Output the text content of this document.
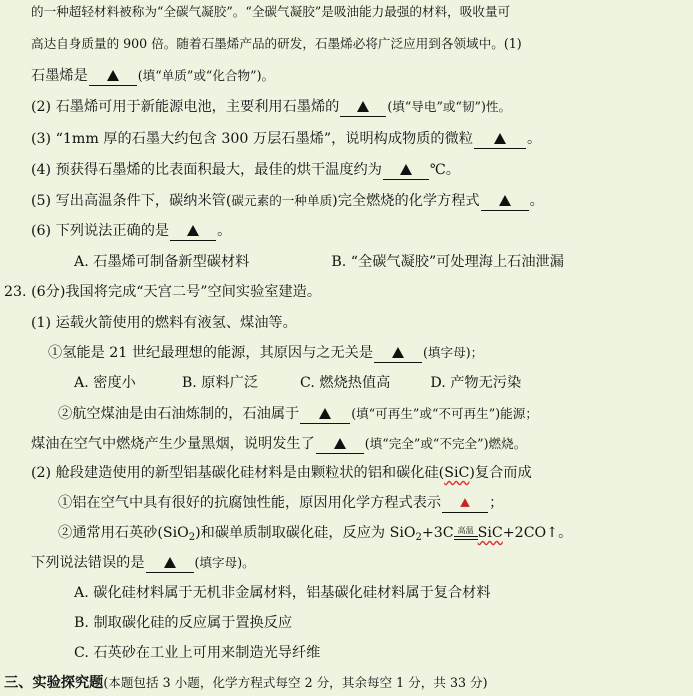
的一种超轻材料被称为“全碳气凝胶”。“全碳气凝胶”是吸油能力最强的材料，吸收量可
高达自身质量的 900 倍。随着石墨烯产品的研发，石墨烯必将广泛应用到各领域中。(1)
石墨烯是	(填“单质”或“化合物”)。
(2) 石墨烯可用于新能源电池，主要利用石墨烯的	(填“导电”或“韧”)性。
(3) “1mm 厚的石墨大约包含 300 万层石墨烯”，说明构成物质的微粒	。
(4) 预获得石墨烯的比表面积最大，最佳的烘干温度约为	℃。
(5) 写出高温条件下，碳纳米管(碳元素的一种单质)完全燃烧的化学方程式	。
(6) 下列说法正确的是	。
A. 石墨烯可制备新型碳材料	B. “全碳气凝胶”可处理海上石油泄漏
23. (6分)我国将完成“天宫二号”空间实验室建造。
(1) 运载火箭使用的燃料有液氢、煤油等。
①氢能是 21 世纪最理想的能源，其原因与之无关是	(填字母)；
A. 密度小	B. 原料广泛	C. 燃烧热值高	D. 产物无污染
②航空煤油是由石油炼制的，石油属于	(填“可再生”或“不可再生”)能源；
煤油在空气中燃烧产生少量黑烟，说明发生了	(填“完全”或“不完全”)燃烧。
(2) 舱段建造使用的新型铝基碳化硅材料是由颗粒状的铝和碳化硅(SiC)复合而成
①铝在空气中具有很好的抗腐蚀性能，原因用化学方程式表示	；
②通常用石英砂(SiO$_2$)和碳单质制取碳化硅，反应为 SiO$_2$+3C 高温 SiC+2CO↑。
下列说法错误的是	(填字母)。
A. 碳化硅材料属于无机非金属材料，铝基碳化硅材料属于复合材料
B. 制取碳化硅的反应属于置换反应
C. 石英砂在工业上可用来制造光导纤维
三、实验探究题(本题包括 3 小题，化学方程式每空 2 分，其余每空 1 分，共 33 分)
